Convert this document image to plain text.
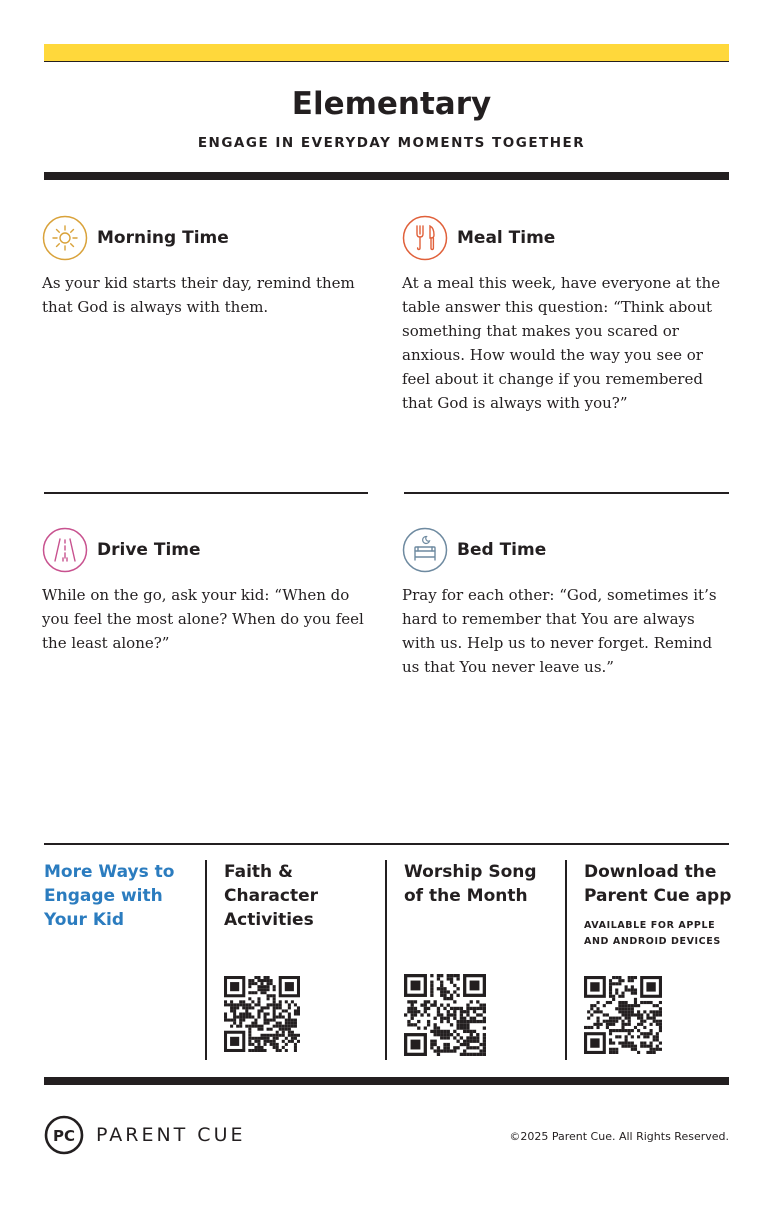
Elementary
ENGAGE IN EVERYDAY MOMENTS TOGETHER
Morning Time

As your kid starts their day, remind them that God is always with them.

Meal Time

At a meal this week, have everyone at the table answer this question: “Think about something that makes you scared or anxious. How would the way you see or feel about it change if you remembered that God is always with you?”

Drive Time

While on the go, ask your kid: “When do you feel the most alone? When do you feel the least alone?”

Bed Time

Pray for each other: “God, sometimes it’s hard to remember that You are always with us. Help us to never forget. Remind us that You never leave us.”

More Ways to Engage with Your Kid
Faith & Character Activities
Worship Song of the Month
Download the Parent Cue app
AVAILABLE FOR APPLE AND ANDROID DEVICES
PC PARENT CUE	©2025 Parent Cue. All Rights Reserved.
